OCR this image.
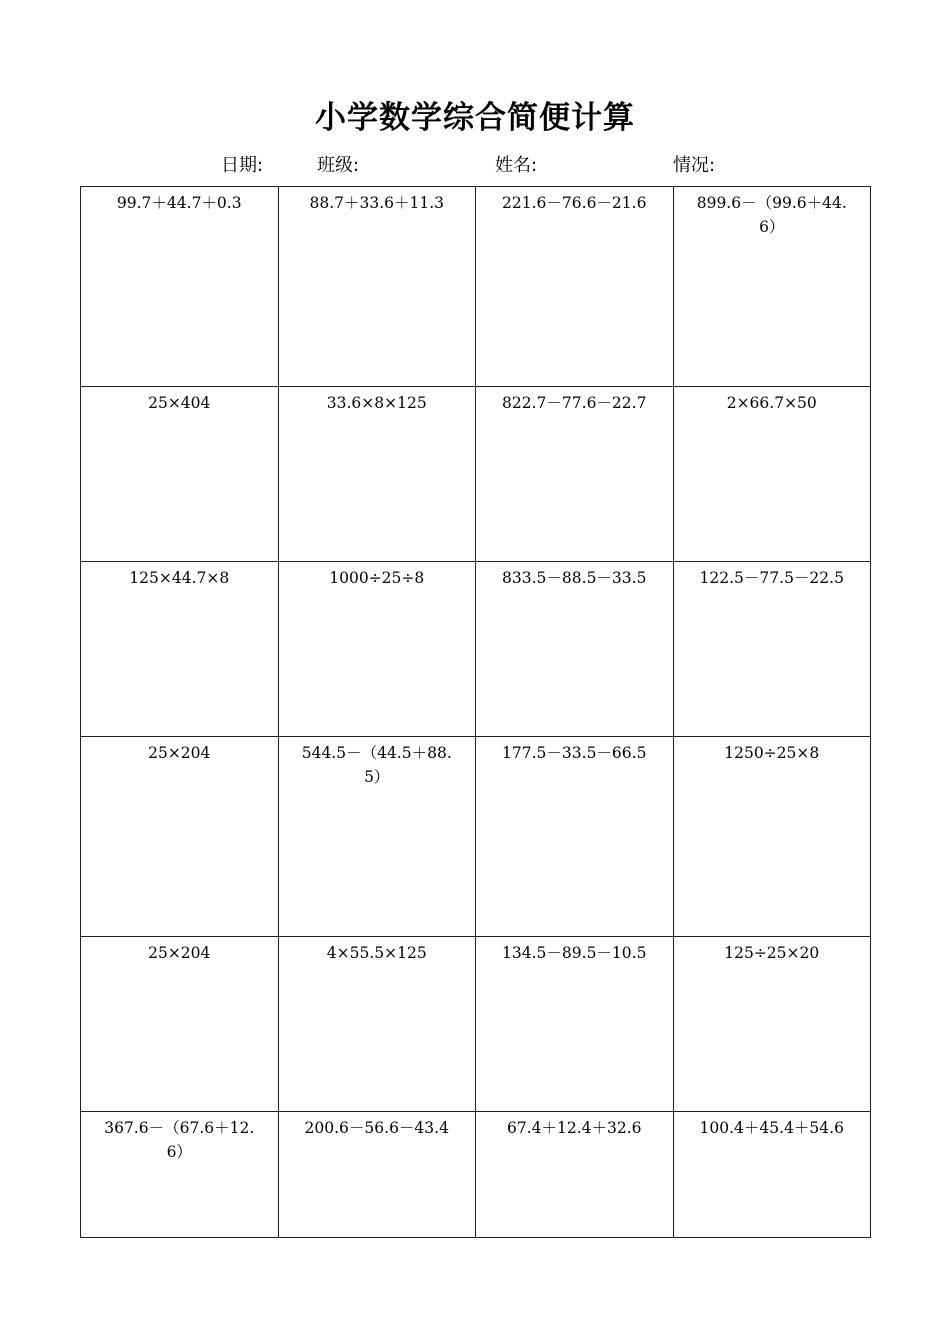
小学数学综合简便计算
日期:	班级:	姓名:	情况:
99.7＋44.7＋0.3	88.7＋33.6＋11.3	221.6－76.6－21.6	899.6－（99.6＋44.6）
25×404	33.6×8×125	822.7－77.6－22.7	2×66.7×50
125×44.7×8	1000÷25÷8	833.5－88.5－33.5	122.5－77.5－22.5
25×204	544.5－（44.5＋88.5）	177.5－33.5－66.5	1250÷25×8
25×204	4×55.5×125	134.5－89.5－10.5	125÷25×20
367.6－（67.6＋12.6）	200.6－56.6－43.4	67.4＋12.4＋32.6	100.4＋45.4＋54.6
